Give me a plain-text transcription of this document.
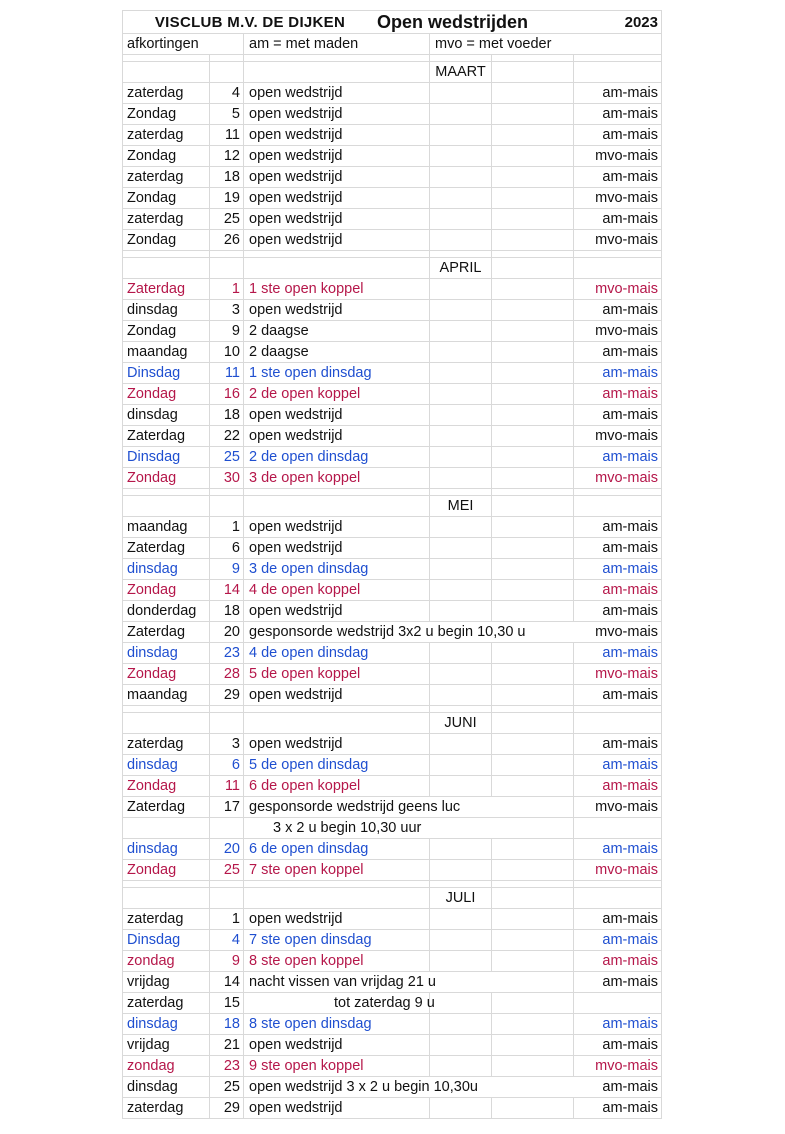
VISCLUB M.V. DE DIJKEN	Open wedstrijden	2023
afkortingen	am = met maden	mvo = met voeder
MAART
zaterdag	4 open wedstrijd	am-mais
Zondag	5 open wedstrijd	am-mais
zaterdag	11 open wedstrijd	am-mais
Zondag	12 open wedstrijd	mvo-mais
zaterdag	18 open wedstrijd	am-mais
Zondag	19 open wedstrijd	mvo-mais
zaterdag	25 open wedstrijd	am-mais
Zondag	26 open wedstrijd	mvo-mais
APRIL
Zaterdag	1 1 ste open koppel	mvo-mais
dinsdag	3 open wedstrijd	am-mais
Zondag	9 2 daagse	mvo-mais
maandag	10 2 daagse	am-mais
Dinsdag	11 1 ste open dinsdag	am-mais
Zondag	16 2 de open koppel	am-mais
dinsdag	18 open wedstrijd	am-mais
Zaterdag	22 open wedstrijd	mvo-mais
Dinsdag	25 2 de open dinsdag	am-mais
Zondag	30 3 de open koppel	mvo-mais
MEI
maandag	1 open wedstrijd	am-mais
Zaterdag	6 open wedstrijd	am-mais
dinsdag	9 3 de open dinsdag	am-mais
Zondag	14 4 de open koppel	am-mais
donderdag	18 open wedstrijd	am-mais
Zaterdag	20 gesponsorde wedstrijd 3x2 u begin 10,30 u	mvo-mais
dinsdag	23 4 de open dinsdag	am-mais
Zondag	28 5 de open koppel	mvo-mais
maandag	29 open wedstrijd	am-mais
JUNI
zaterdag	3 open wedstrijd	am-mais
dinsdag	6 5 de open dinsdag	am-mais
Zondag	11 6 de open koppel	am-mais
Zaterdag	17 gesponsorde wedstrijd geens luc	mvo-mais
3 x 2 u begin 10,30 uur
dinsdag	20 6 de open dinsdag	am-mais
Zondag	25 7 ste open koppel	mvo-mais
JULI
zaterdag	1 open wedstrijd	am-mais
Dinsdag	4 7 ste open dinsdag	am-mais
zondag	9 8 ste open koppel	am-mais
vrijdag	14 nacht vissen van vrijdag 21 u	am-mais
zaterdag	15	tot zaterdag 9 u
dinsdag	18 8 ste open dinsdag	am-mais
vrijdag	21 open wedstrijd	am-mais
zondag	23 9 ste open koppel	mvo-mais
dinsdag	25 open wedstrijd 3 x 2 u begin 10,30u	am-mais
zaterdag	29 open wedstrijd	am-mais
